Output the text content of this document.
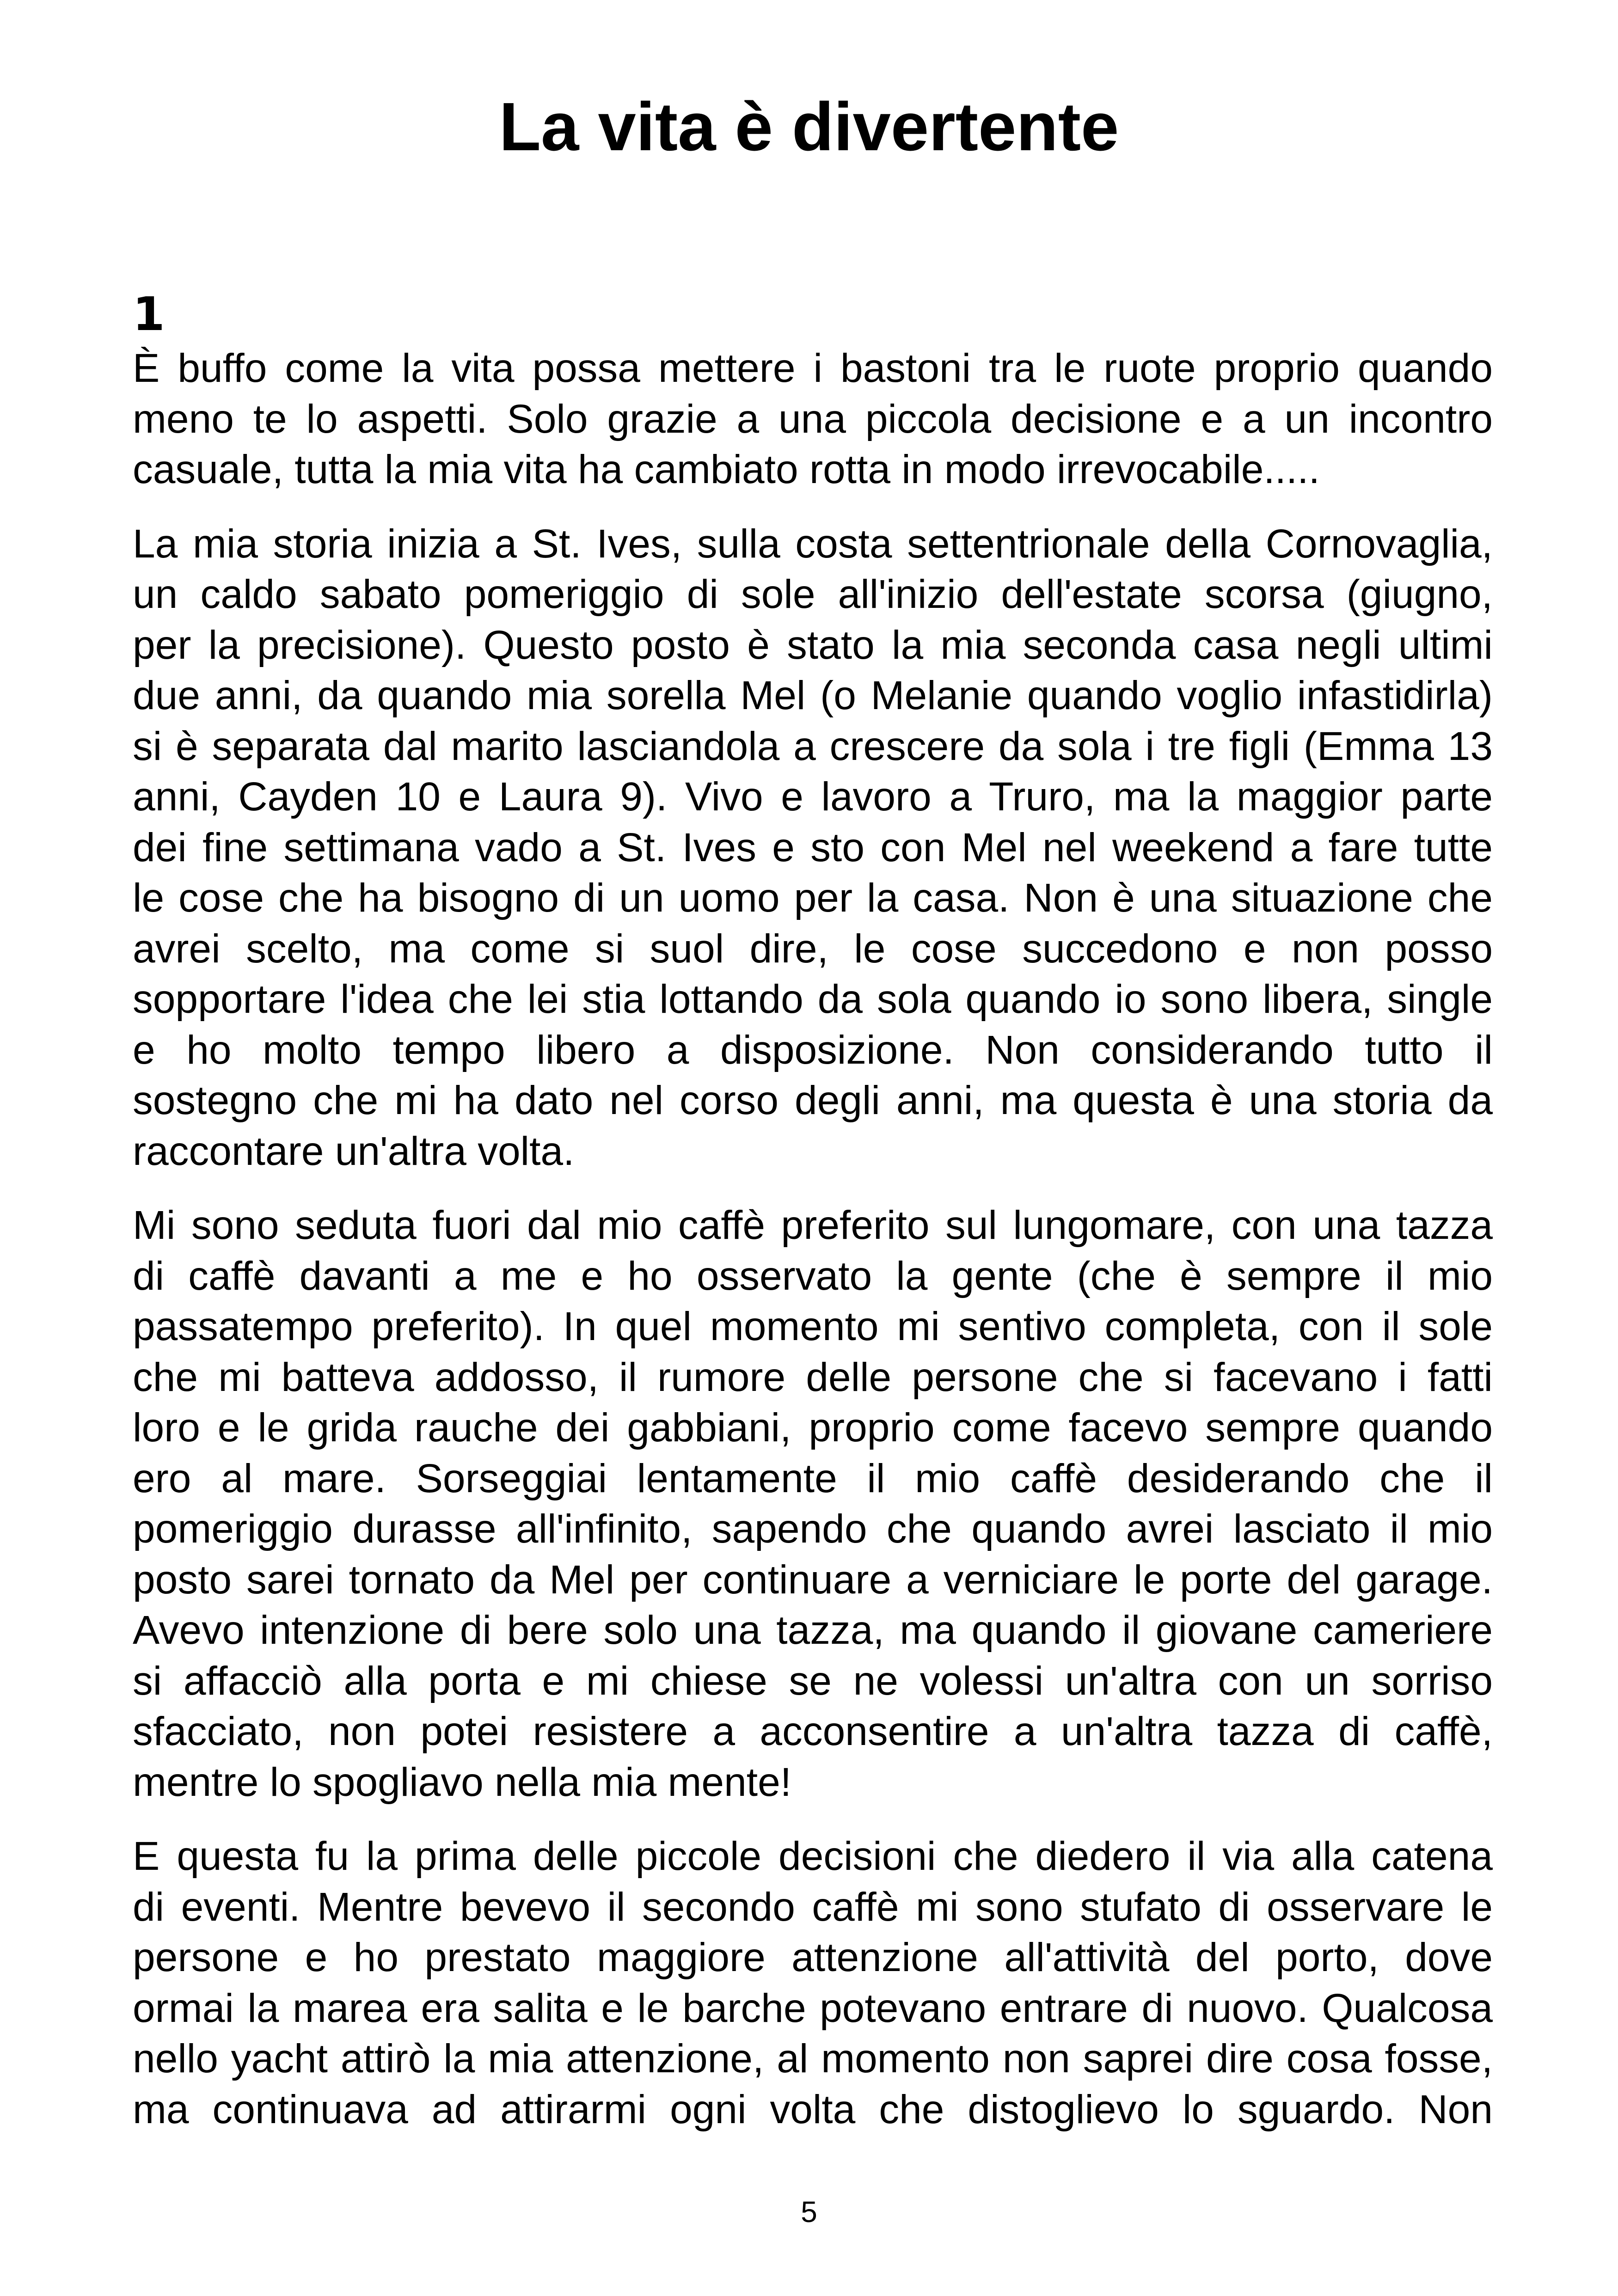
La vita è divertente
1

È buffo come la vita possa mettere i bastoni tra le ruote proprio quando
meno te lo aspetti. Solo grazie a una piccola decisione e a un incontro
casuale, tutta la mia vita ha cambiato rotta in modo irrevocabile.....

La mia storia inizia a St. Ives, sulla costa settentrionale della Cornovaglia,
un caldo sabato pomeriggio di sole all'inizio dell'estate scorsa (giugno,
per la precisione). Questo posto è stato la mia seconda casa negli ultimi
due anni, da quando mia sorella Mel (o Melanie quando voglio infastidirla)
si è separata dal marito lasciandola a crescere da sola i tre figli (Emma 13
anni, Cayden 10 e Laura 9). Vivo e lavoro a Truro, ma la maggior parte
dei fine settimana vado a St. Ives e sto con Mel nel weekend a fare tutte
le cose che ha bisogno di un uomo per la casa. Non è una situazione che
avrei scelto, ma come si suol dire, le cose succedono e non posso
sopportare l'idea che lei stia lottando da sola quando io sono libera, single
e ho molto tempo libero a disposizione. Non considerando tutto il
sostegno che mi ha dato nel corso degli anni, ma questa è una storia da
raccontare un'altra volta.

Mi sono seduta fuori dal mio caffè preferito sul lungomare, con una tazza
di caffè davanti a me e ho osservato la gente (che è sempre il mio
passatempo preferito). In quel momento mi sentivo completa, con il sole
che mi batteva addosso, il rumore delle persone che si facevano i fatti
loro e le grida rauche dei gabbiani, proprio come facevo sempre quando
ero al mare. Sorseggiai lentamente il mio caffè desiderando che il
pomeriggio durasse all'infinito, sapendo che quando avrei lasciato il mio
posto sarei tornato da Mel per continuare a verniciare le porte del garage.
Avevo intenzione di bere solo una tazza, ma quando il giovane cameriere
si affacciò alla porta e mi chiese se ne volessi un'altra con un sorriso
sfacciato, non potei resistere a acconsentire a un'altra tazza di caffè,
mentre lo spogliavo nella mia mente!

E questa fu la prima delle piccole decisioni che diedero il via alla catena
di eventi. Mentre bevevo il secondo caffè mi sono stufato di osservare le
persone e ho prestato maggiore attenzione all'attività del porto, dove
ormai la marea era salita e le barche potevano entrare di nuovo. Qualcosa
nello yacht attirò la mia attenzione, al momento non saprei dire cosa fosse,
ma continuava ad attirarmi ogni volta che distoglievo lo sguardo. Non

5
